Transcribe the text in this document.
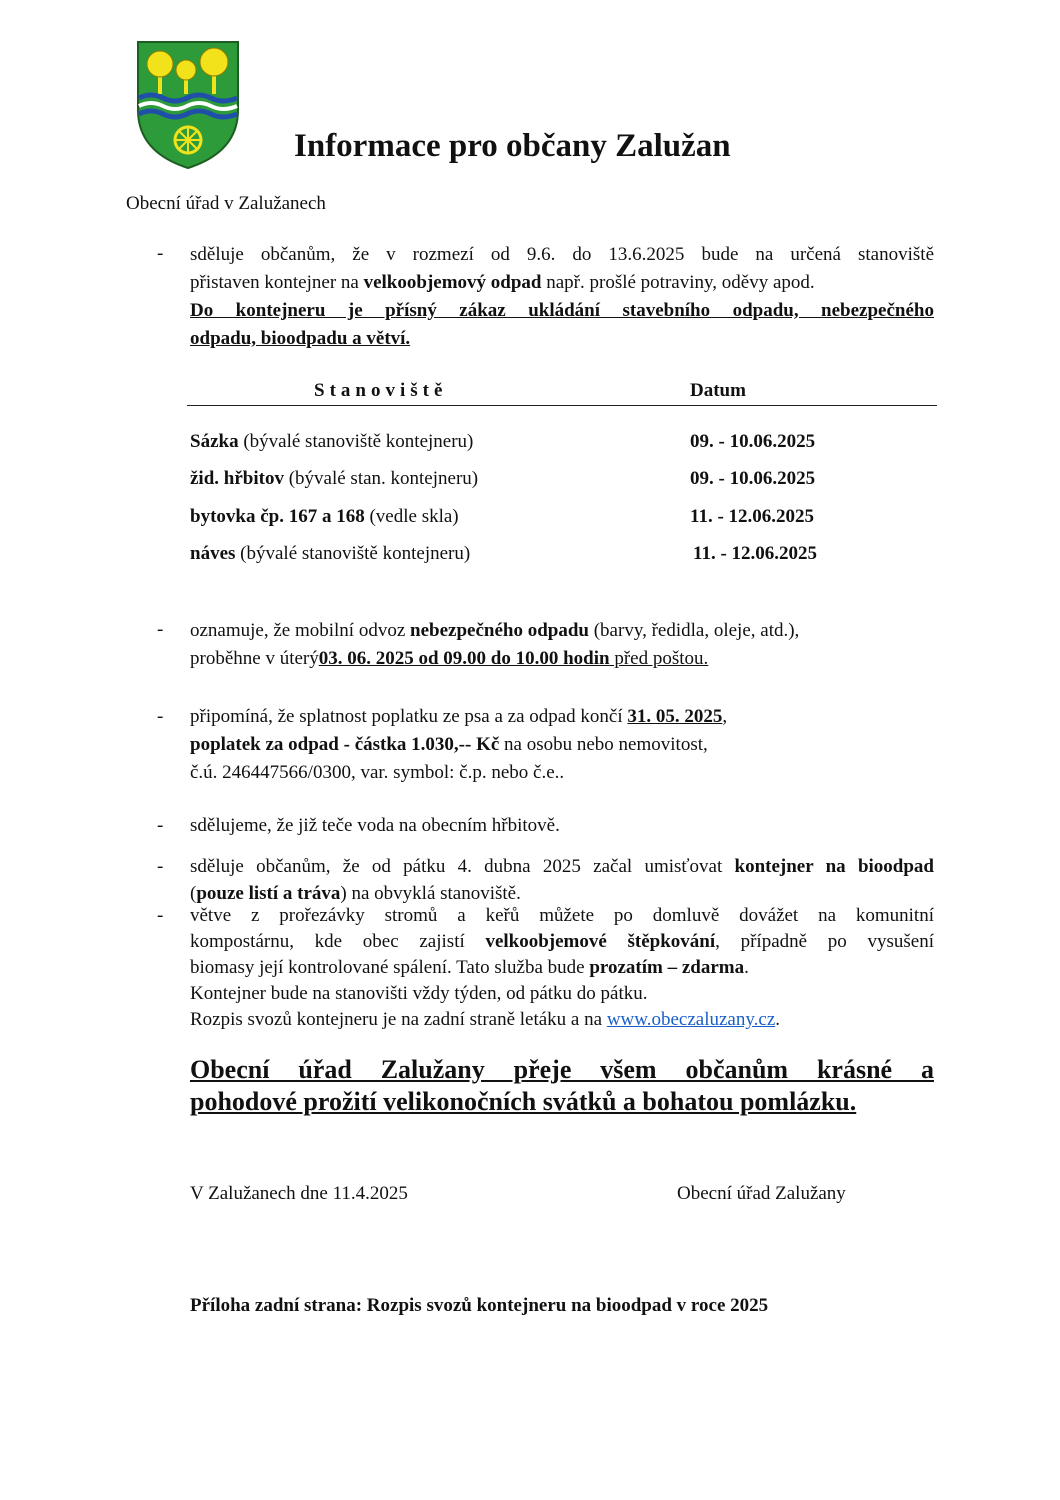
Informace pro občany Zalužan
Obecní úřad v Zalužanech
- sděluje občanům, že v rozmezí od 9.6. do 13.6.2025 bude na určená stanoviště
přistaven kontejner na velkoobjemový odpad např. prošlé potraviny, oděvy apod.
Do kontejneru je přísný zákaz ukládání stavebního odpadu, nebezpečného
odpadu, bioodpadu a větví.
Stanoviště	Datum
Sázka (bývalé stanoviště kontejneru)	09. - 10.06.2025
žid. hřbitov (bývalé stan. kontejneru)	09. - 10.06.2025
bytovka čp. 167 a 168 (vedle skla)	11. - 12.06.2025
náves (bývalé stanoviště kontejneru)	11. - 12.06.2025
- oznamuje, že mobilní odvoz nebezpečného odpadu (barvy, ředidla, oleje, atd.),
proběhne v úterý03. 06. 2025 od 09.00 do 10.00 hodin před poštou.
- připomíná, že splatnost poplatku ze psa a za odpad končí 31. 05. 2025,
poplatek za odpad - částka 1.030,-- Kč na osobu nebo nemovitost,
č.ú. 246447566/0300, var. symbol: č.p. nebo č.e..
- sdělujeme, že již teče voda na obecním hřbitově.
- sděluje občanům, že od pátku 4. dubna 2025 začal umisťovat kontejner na bioodpad
(pouze listí a tráva) na obvyklá stanoviště.
- větve z prořezávky stromů a keřů můžete po domluvě dovážet na komunitní
kompostárnu, kde obec zajistí velkoobjemové štěpkování, případně po vysušení
biomasy její kontrolované spálení. Tato služba bude prozatím – zdarma.
Kontejner bude na stanovišti vždy týden, od pátku do pátku.
Rozpis svozů kontejneru je na zadní straně letáku a na www.obeczaluzany.cz.
Obecní úřad Zalužany přeje všem občanům krásné a
pohodové prožití velikonočních svátků a bohatou pomlázku.
V Zalužanech dne 11.4.2025	Obecní úřad Zalužany
Příloha zadní strana: Rozpis svozů kontejneru na bioodpad v roce 2025
